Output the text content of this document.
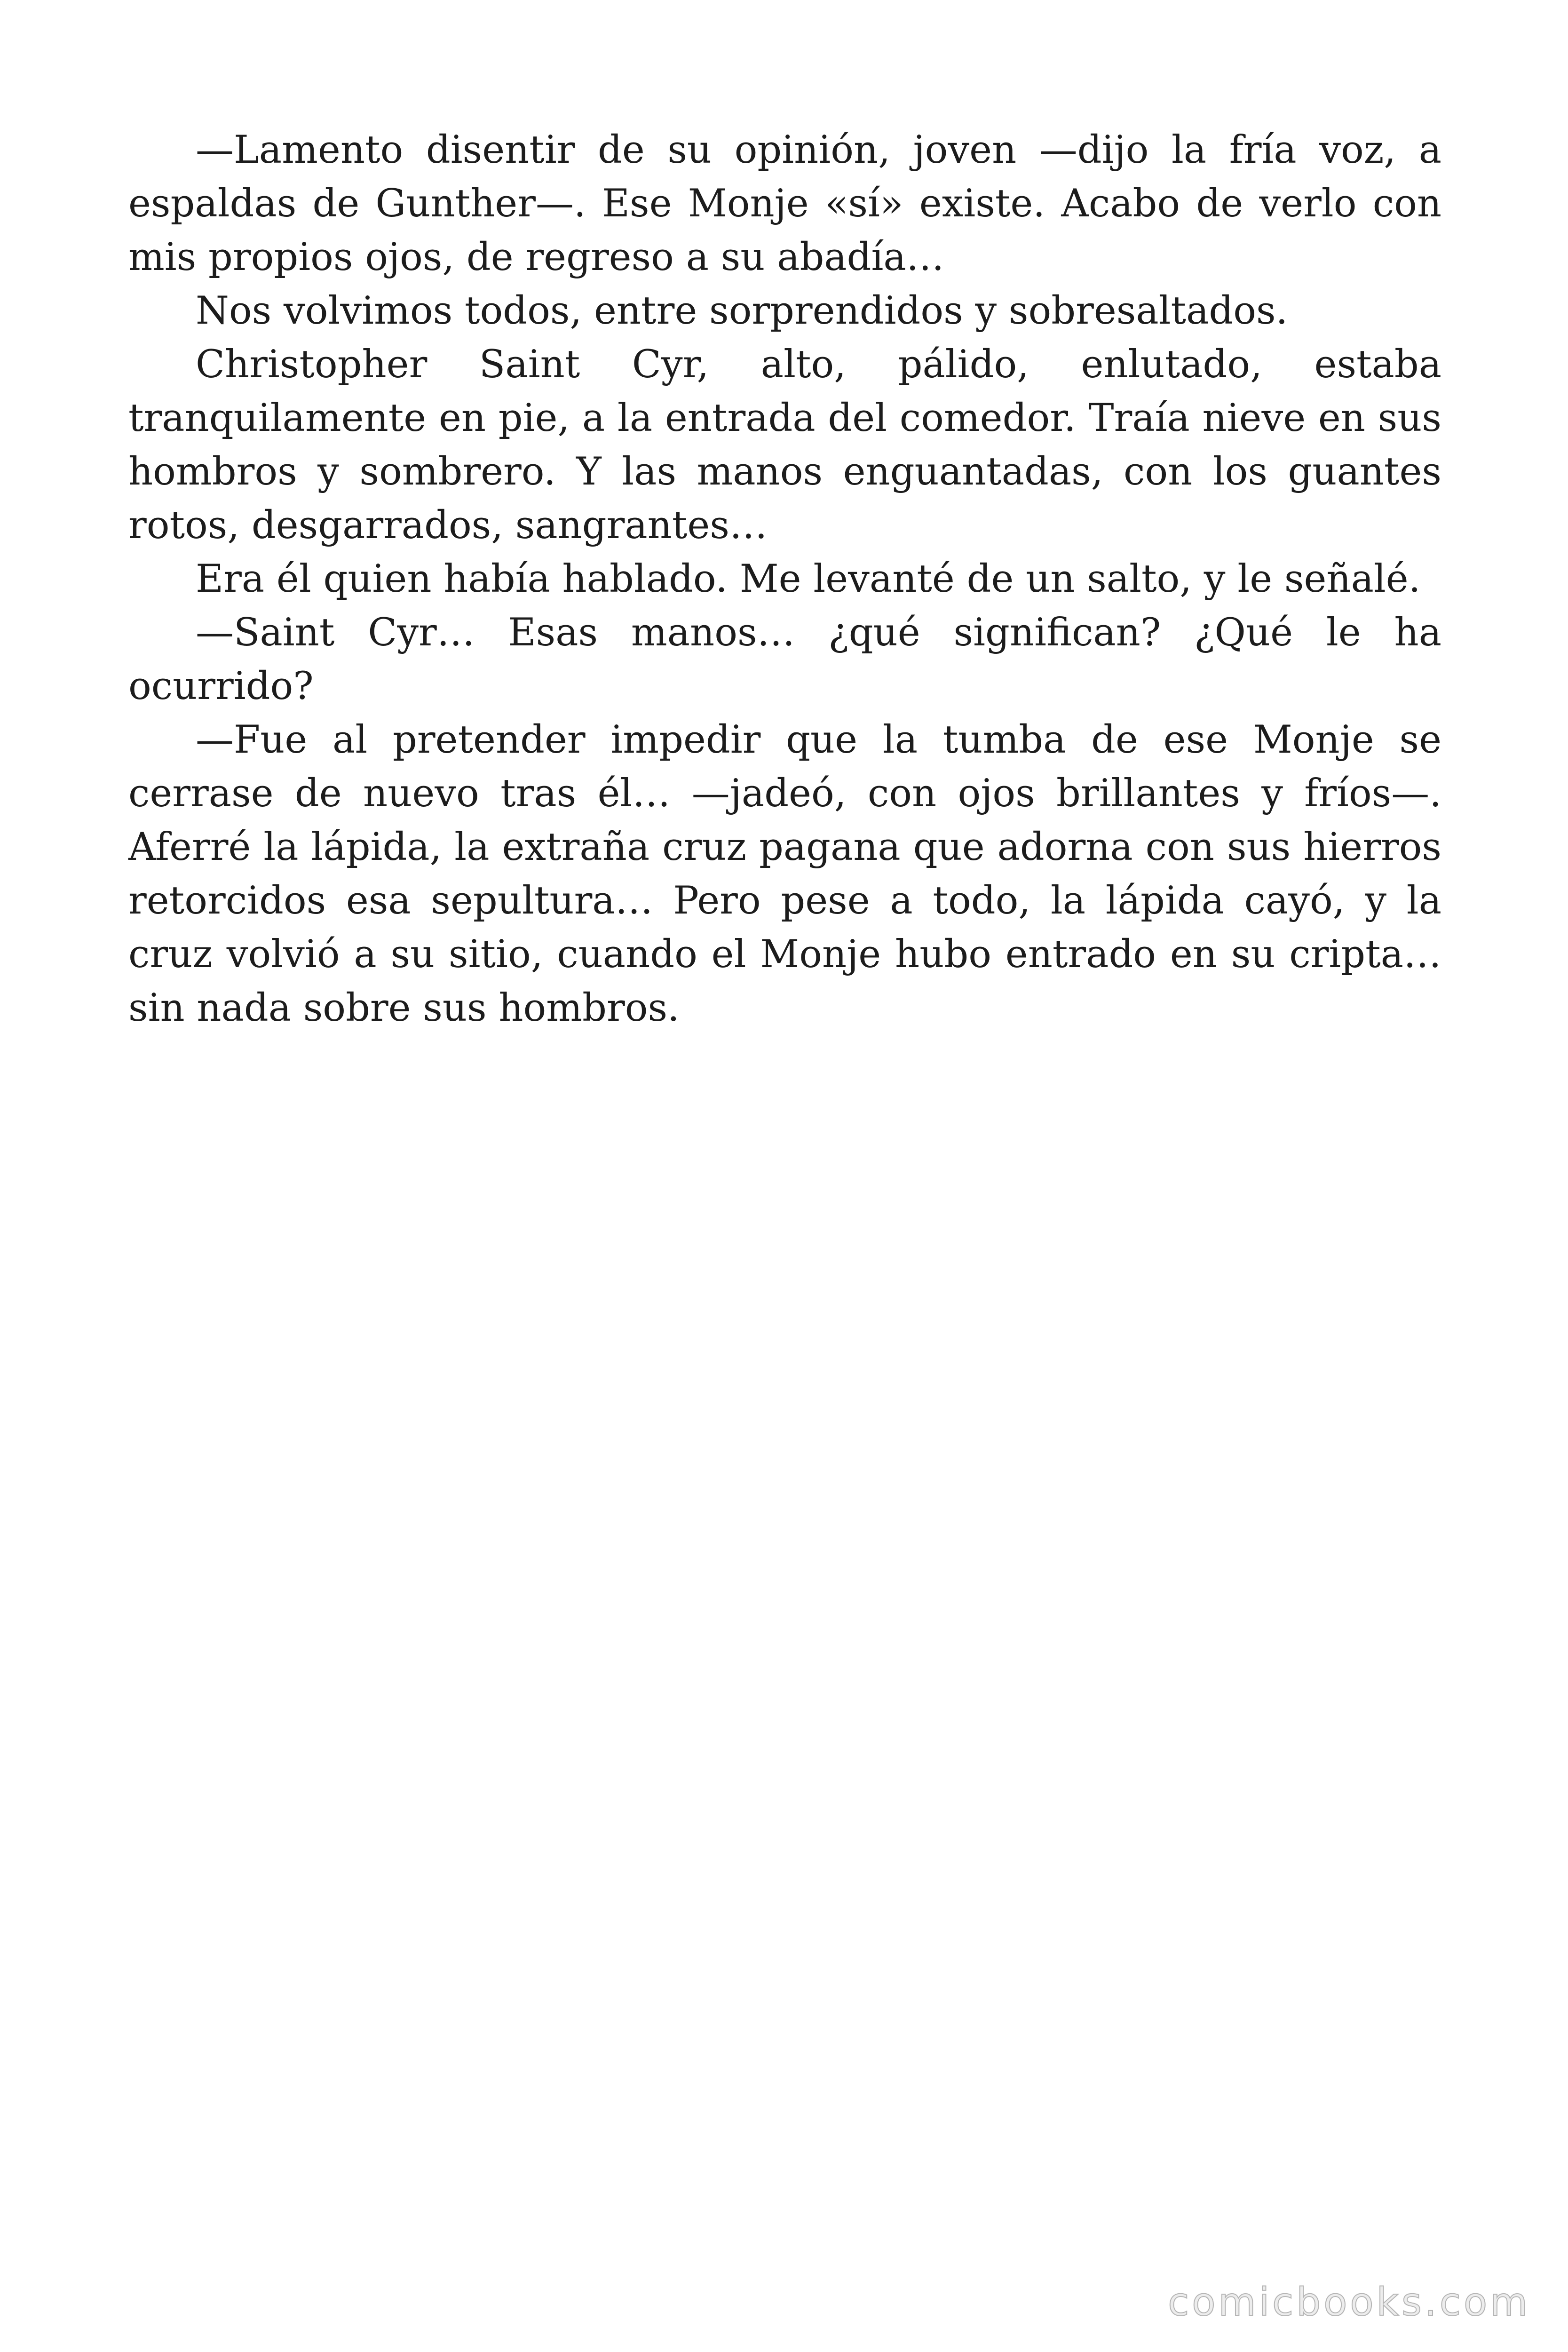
—Lamento disentir de su opinión, joven —dijo la fría voz, a espaldas de Gunther—. Ese Monje «sí» existe. Acabo de verlo con mis propios ojos, de regreso a su abadía…

Nos volvimos todos, entre sorprendidos y sobresaltados.

Christopher Saint Cyr, alto, pálido, enlutado, estaba tranquilamente en pie, a la entrada del comedor. Traía nieve en sus hombros y sombrero. Y las manos enguantadas, con los guantes rotos, desgarrados, sangrantes…

Era él quien había hablado. Me levanté de un salto, y le señalé.

—Saint Cyr… Esas manos… ¿qué significan? ¿Qué le ha ocurrido?

—Fue al pretender impedir que la tumba de ese Monje se cerrase de nuevo tras él… —jadeó, con ojos brillantes y fríos—. Aferré la lápida, la extraña cruz pagana que adorna con sus hierros retorcidos esa sepultura… Pero pese a todo, la lápida cayó, y la cruz volvió a su sitio, cuando el Monje hubo entrado en su cripta… sin nada sobre sus hombros.

comicbooks.com
